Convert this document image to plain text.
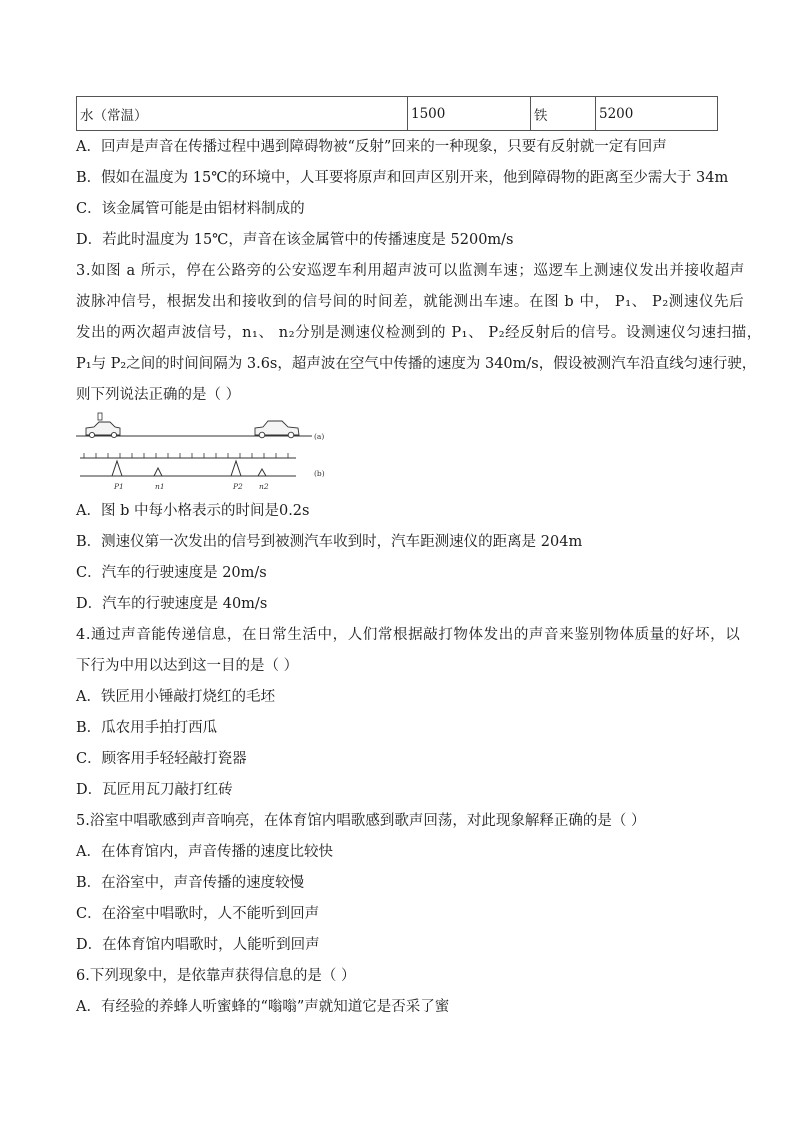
水（常温）	1500	铁	5200
A．回声是声音在传播过程中遇到障碍物被“反射”回来的一种现象，只要有反射就一定有回声
B．假如在温度为 15℃的环境中，人耳要将原声和回声区别开来，他到障碍物的距离至少需大于 34m
C．该金属管可能是由铝材料制成的
D．若此时温度为 15℃，声音在该金属管中的传播速度是 5200m/s
3.如图 a 所示，停在公路旁的公安巡逻车利用超声波可以监测车速；巡逻车上测速仪发出并接收超声
波脉冲信号，根据发出和接收到的信号间的时间差，就能测出车速。在图 b 中， P₁、 P₂测速仪先后
发出的两次超声波信号，n₁、 n₂分别是测速仪检测到的 P₁、 P₂经反射后的信号。设测速仪匀速扫描，
P₁与 P₂之间的时间间隔为 3.6s，超声波在空气中传播的速度为 340m/s，假设被测汽车沿直线匀速行驶，
则下列说法正确的是（ ）
(a)
(b)
P1	n1	P2 n2
A．图 b 中每小格表示的时间是0.2s
B．测速仪第一次发出的信号到被测汽车收到时，汽车距测速仪的距离是 204m
C．汽车的行驶速度是 20m/s
D．汽车的行驶速度是 40m/s
4.通过声音能传递信息，在日常生活中，人们常根据敲打物体发出的声音来鉴别物体质量的好坏，以
下行为中用以达到这一目的是（ ）
A．铁匠用小锤敲打烧红的毛坯
B．瓜农用手拍打西瓜
C．顾客用手轻轻敲打瓷器
D．瓦匠用瓦刀敲打红砖
5.浴室中唱歌感到声音响亮，在体育馆内唱歌感到歌声回荡，对此现象解释正确的是（ ）
A．在体育馆内，声音传播的速度比较快
B．在浴室中，声音传播的速度较慢
C．在浴室中唱歌时，人不能听到回声
D．在体育馆内唱歌时，人能听到回声
6.下列现象中，是依靠声获得信息的是（ ）
A．有经验的养蜂人听蜜蜂的“嗡嗡”声就知道它是否采了蜜
